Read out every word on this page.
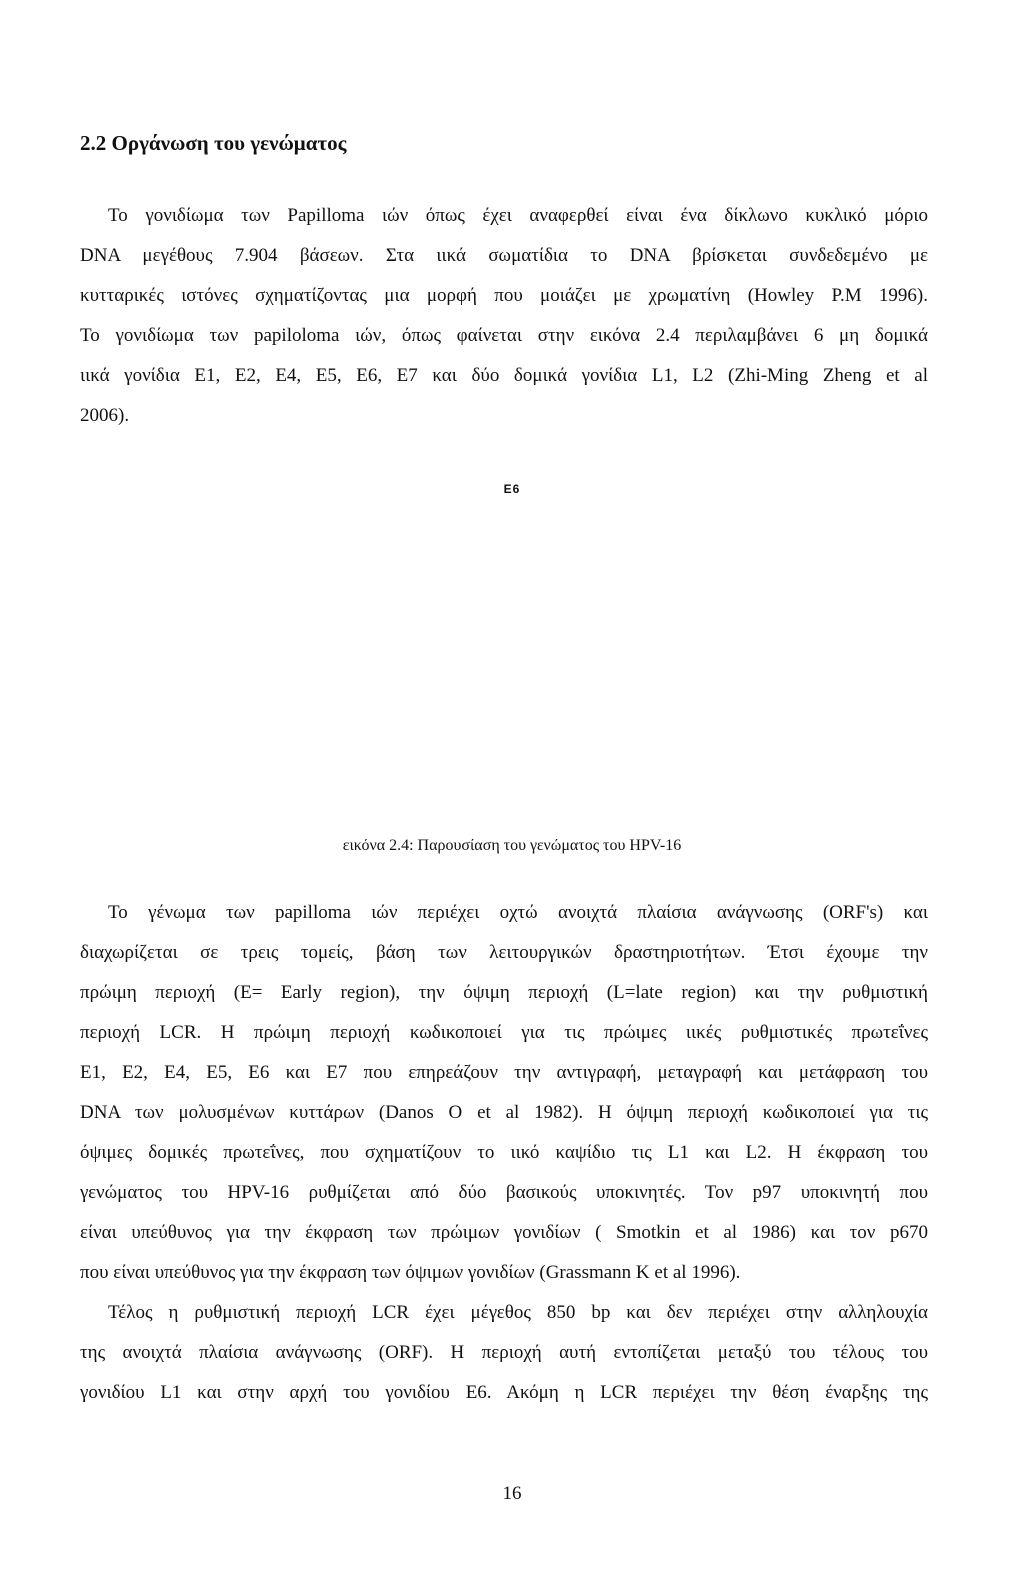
2.2 Οργάνωση του γενώματος
Το γονιδίωμα των Papilloma ιών όπως έχει αναφερθεί είναι ένα δίκλωνο κυκλικό μόριο
DNA μεγέθους 7.904 βάσεων. Στα ιικά σωματίδια το DNA βρίσκεται συνδεδεμένο με
κυτταρικές ιστόνες σχηματίζοντας μια μορφή που μοιάζει με χρωματίνη (Howley P.M 1996).
Το γονιδίωμα των papiloloma ιών, όπως φαίνεται στην εικόνα 2.4 περιλαμβάνει 6 μη δομικά
ιικά γονίδια Ε1, Ε2, Ε4, Ε5, Ε6, Ε7 και δύο δομικά γονίδια L1, L2 (Zhi-Ming Zheng et al
2006).
E6

εικόνα 2.4: Παρουσίαση του γενώματος του HPV-16

Το γένωμα των papilloma ιών περιέχει οχτώ ανοιχτά πλαίσια ανάγνωσης (ORF's) και
διαχωρίζεται σε τρεις τομείς, βάση των λειτουργικών δραστηριοτήτων. Έτσι έχουμε την
πρώιμη περιοχή (E= Early region), την όψιμη περιοχή (L=late region) και την ρυθμιστική
περιοχή LCR. Η πρώιμη περιοχή κωδικοποιεί για τις πρώιμες ιικές ρυθμιστικές πρωτεΐνες
Ε1, Ε2, Ε4, Ε5, Ε6 και Ε7 που επηρεάζουν την αντιγραφή, μεταγραφή και μετάφραση του
DNA των μολυσμένων κυττάρων (Danos O et al 1982). Η όψιμη περιοχή κωδικοποιεί για τις
όψιμες δομικές πρωτεΐνες, που σχηματίζουν το ιικό καψίδιο τις L1 και L2. Η έκφραση του
γενώματος του HPV-16 ρυθμίζεται από δύο βασικούς υποκινητές. Τον p97 υποκινητή που
είναι υπεύθυνος για την έκφραση των πρώιμων γονιδίων ( Smotkin et al 1986) και τον p670
που είναι υπεύθυνος για την έκφραση των όψιμων γονιδίων (Grassmann K et al 1996).
Τέλος η ρυθμιστική περιοχή LCR έχει μέγεθος 850 bp και δεν περιέχει στην αλληλουχία
της ανοιχτά πλαίσια ανάγνωσης (ORF). Η περιοχή αυτή εντοπίζεται μεταξύ του τέλους του
γονιδίου L1 και στην αρχή του γονιδίου Ε6. Ακόμη η LCR περιέχει την θέση έναρξης της
16
